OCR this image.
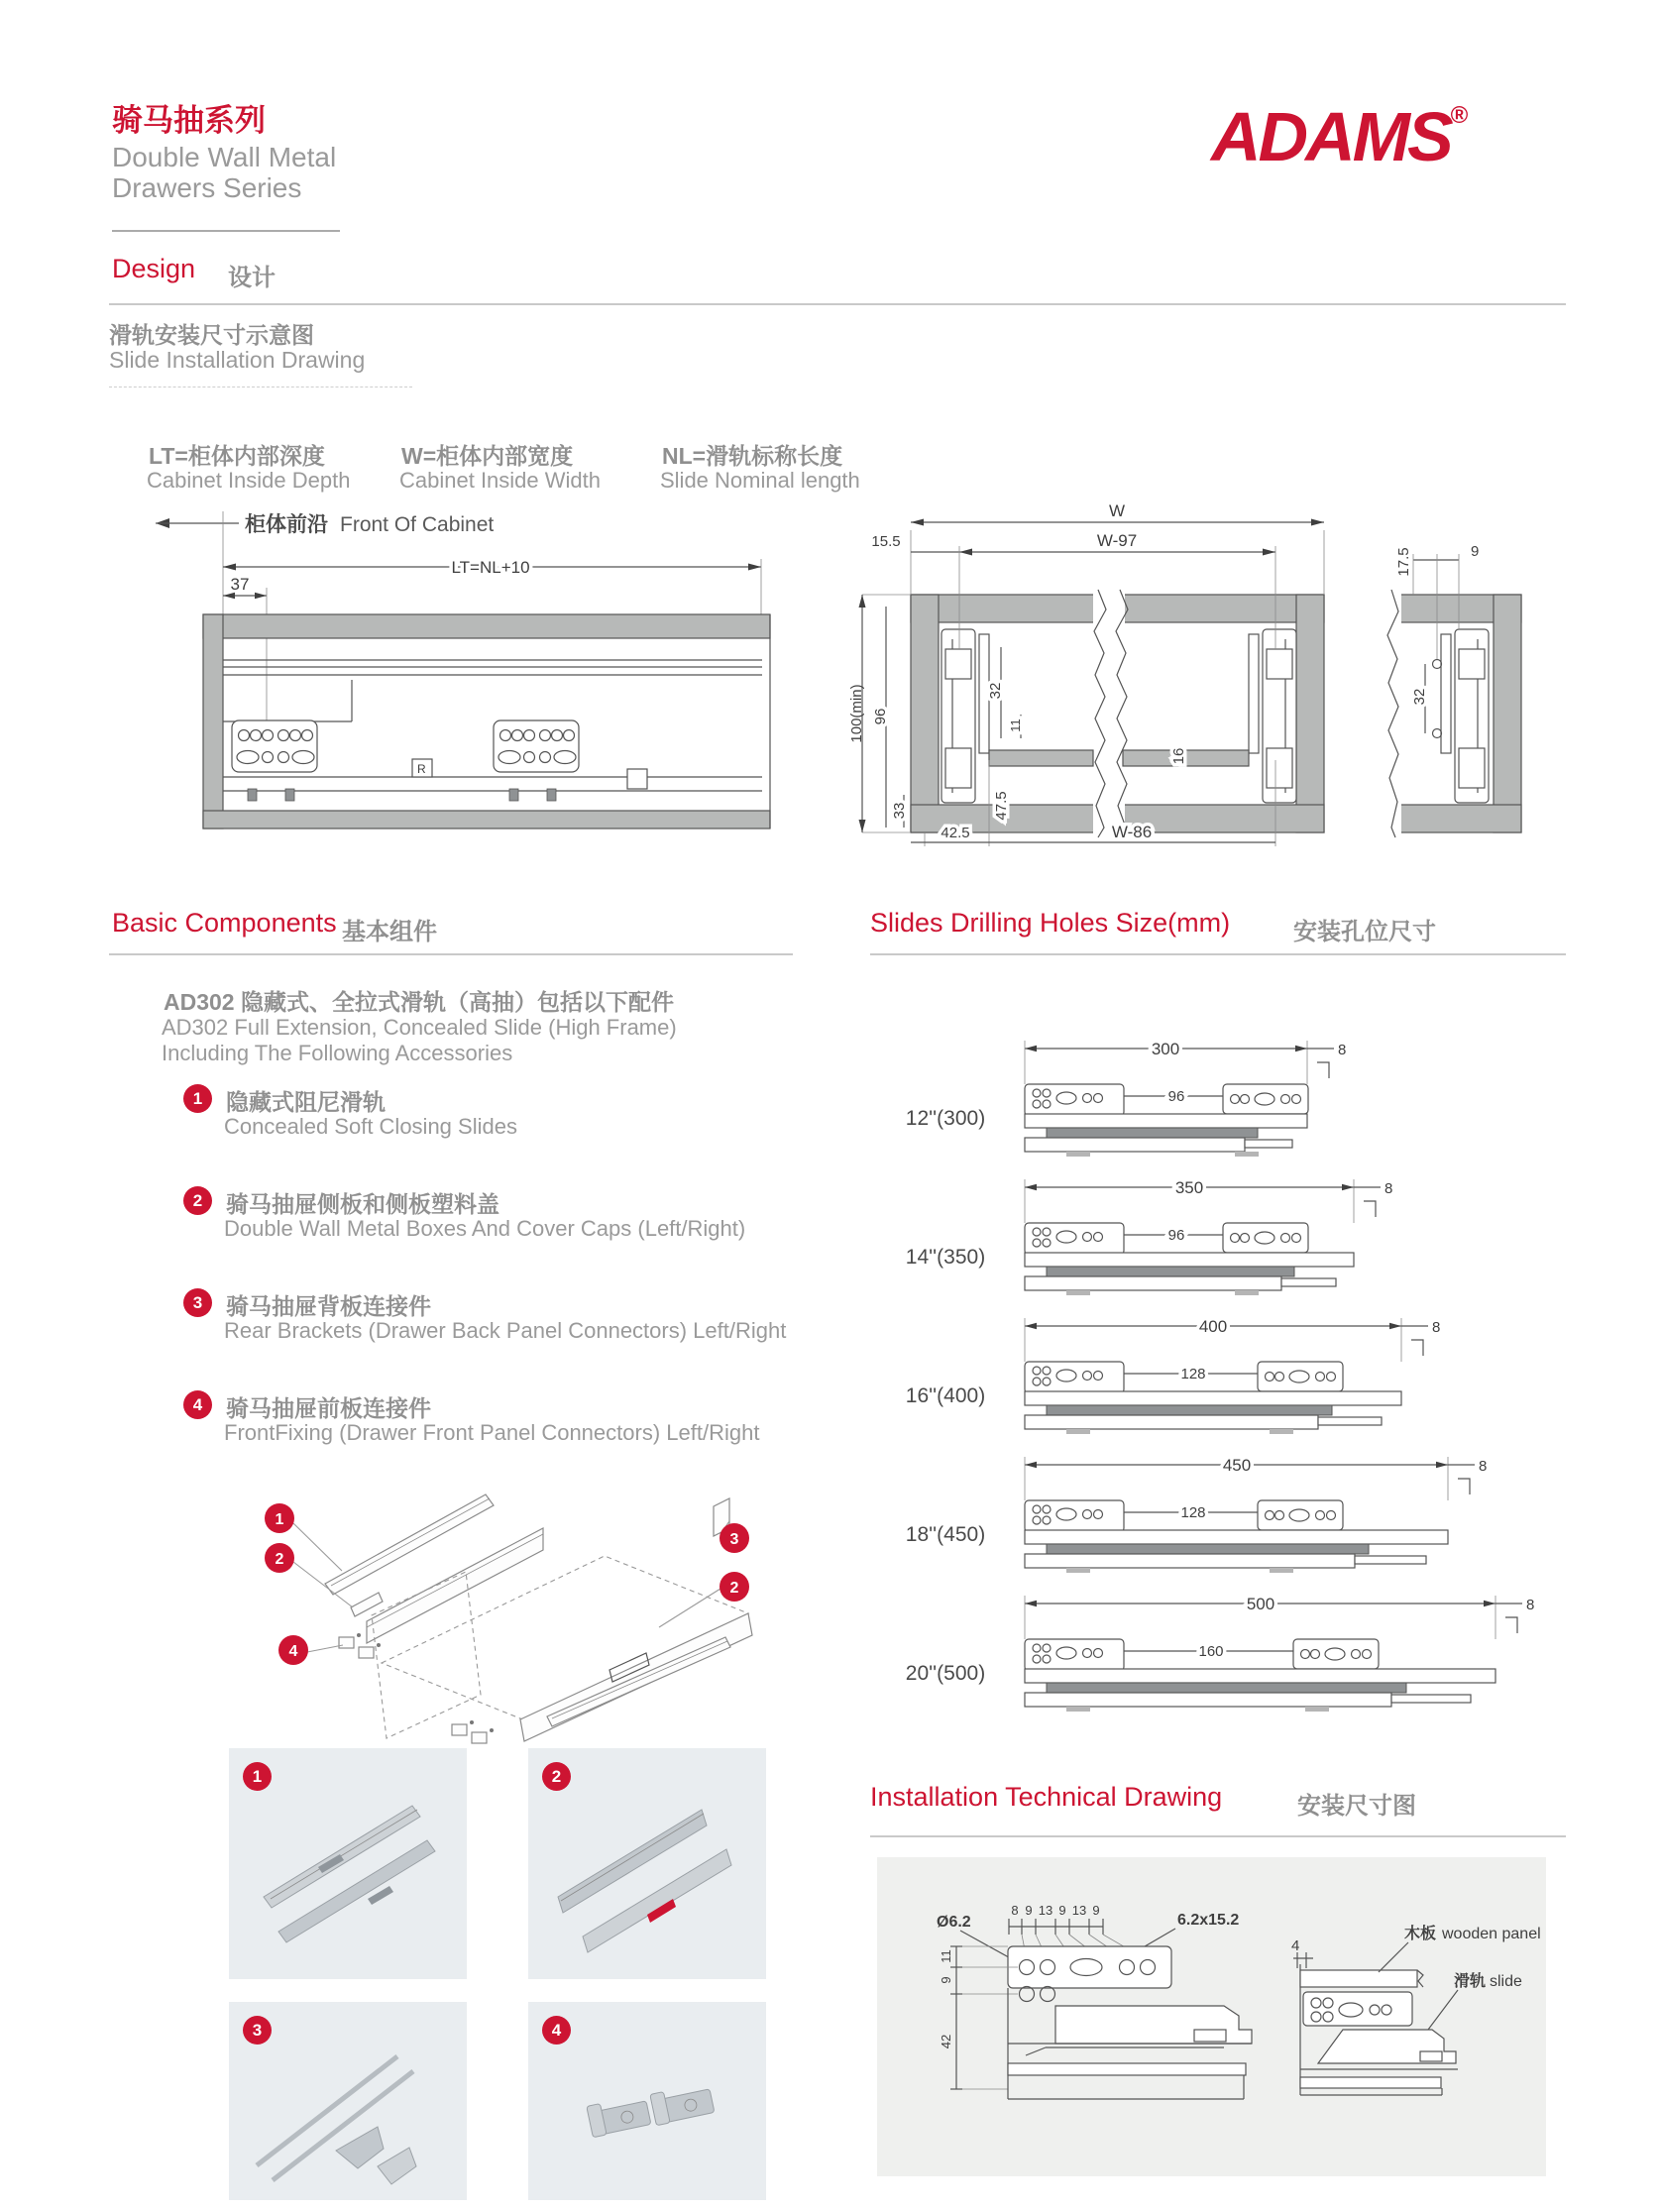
骑马抽系列
Double Wall Metal
Drawers Series
ADAMS®
Design 设计
滑轨安装尺寸示意图
Slide Installation Drawing
LT=柜体内部深度
Cabinet Inside Depth
W=柜体内部宽度
Cabinet Inside Width
NL=滑轨标称长度
Slide Nominal length
柜体前沿 Front Of Cabinet
LT=NL+10
37
R
W
W-97
15.5
100(min) 96
33
32
11
16
42.5
47.5
W-86
17.5	9
32
Basic Components 基本组件	Slides Drilling Holes Size(mm)	安装孔位尺寸
AD302 隐藏式、全拉式滑轨（高抽）包括以下配件
AD302 Full Extension, Concealed Slide (High Frame)
Including The Following Accessories
1	隐藏式阻尼滑轨
Concealed Soft Closing Slides
2	骑马抽屉侧板和侧板塑料盖
Double Wall Metal Boxes And Cover Caps (Left/Right)
3	骑马抽屉背板连接件
Rear Brackets (Drawer Back Panel Connectors) Left/Right
4	骑马抽屉前板连接件
FrontFixing (Drawer Front Panel Connectors) Left/Right
1
2
4
3
2
12''(300)
300	8
96
14''(350)
350	8
96
16''(400)
400	8
128
18''(450)
450	8
128
20''(500)
500	8
160
1	2
3	4
Installation Technical Drawing	安装尺寸图
Ø6.2
8 9 13 9 13 9
6.2x15.2
11
9
42
4
木板 wooden panel
滑轨 slide
